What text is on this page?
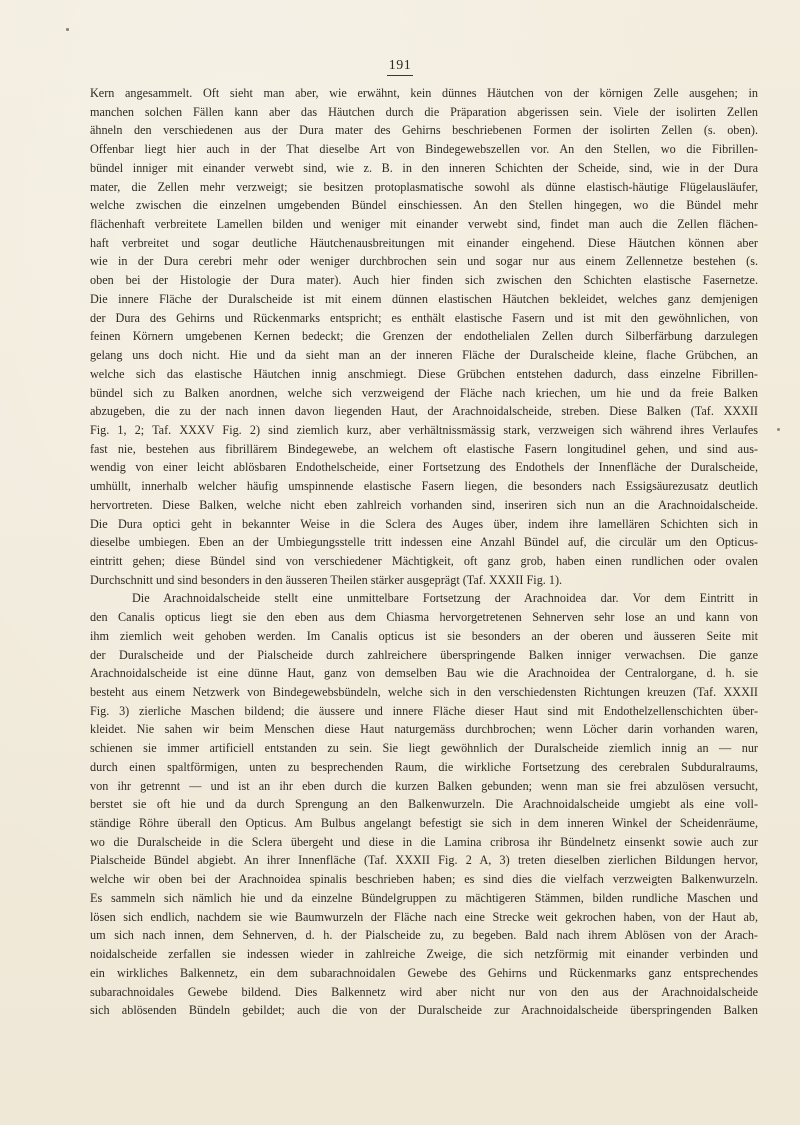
191
Kern angesammelt. Oft sieht man aber, wie erwähnt, kein dünnes Häutchen von der körnigen Zelle ausgehen; in
manchen solchen Fällen kann aber das Häutchen durch die Präparation abgerissen sein. Viele der isolirten Zellen
ähneln den verschiedenen aus der Dura mater des Gehirns beschriebenen Formen der isolirten Zellen (s. oben).
Offenbar liegt hier auch in der That dieselbe Art von Bindegewebszellen vor. An den Stellen, wo die Fibrillen-
bündel inniger mit einander verwebt sind, wie z. B. in den inneren Schichten der Scheide, sind, wie in der Dura
mater, die Zellen mehr verzweigt; sie besitzen protoplasmatische sowohl als dünne elastisch-häutige Flügelausläufer,
welche zwischen die einzelnen umgebenden Bündel einschiessen. An den Stellen hingegen, wo die Bündel mehr
flächenhaft verbreitete Lamellen bilden und weniger mit einander verwebt sind, findet man auch die Zellen flächen-
haft verbreitet und sogar deutliche Häutchenausbreitungen mit einander eingehend. Diese Häutchen können aber
wie in der Dura cerebri mehr oder weniger durchbrochen sein und sogar nur aus einem Zellennetze bestehen (s.
oben bei der Histologie der Dura mater). Auch hier finden sich zwischen den Schichten elastische Fasernetze.
Die innere Fläche der Duralscheide ist mit einem dünnen elastischen Häutchen bekleidet, welches ganz demjenigen
der Dura des Gehirns und Rückenmarks entspricht; es enthält elastische Fasern und ist mit den gewöhnlichen, von
feinen Körnern umgebenen Kernen bedeckt; die Grenzen der endothelialen Zellen durch Silberfärbung darzulegen
gelang uns doch nicht. Hie und da sieht man an der inneren Fläche der Duralscheide kleine, flache Grübchen, an
welche sich das elastische Häutchen innig anschmiegt. Diese Grübchen entstehen dadurch, dass einzelne Fibrillen-
bündel sich zu Balken anordnen, welche sich verzweigend der Fläche nach kriechen, um hie und da freie Balken
abzugeben, die zu der nach innen davon liegenden Haut, der Arachnoidalscheide, streben. Diese Balken (Taf. XXXII
Fig. 1, 2; Taf. XXXV Fig. 2) sind ziemlich kurz, aber verhältnissmässig stark, verzweigen sich während ihres Verlaufes
fast nie, bestehen aus fibrillärem Bindegewebe, an welchem oft elastische Fasern longitudinel gehen, und sind aus-
wendig von einer leicht ablösbaren Endothelscheide, einer Fortsetzung des Endothels der Innenfläche der Duralscheide,
umhüllt, innerhalb welcher häufig umspinnende elastische Fasern liegen, die besonders nach Essigsäurezusatz deutlich
hervortreten. Diese Balken, welche nicht eben zahlreich vorhanden sind, inseriren sich nun an die Arachnoidalscheide.
Die Dura optici geht in bekannter Weise in die Sclera des Auges über, indem ihre lamellären Schichten sich in
dieselbe umbiegen. Eben an der Umbiegungsstelle tritt indessen eine Anzahl Bündel auf, die circulär um den Opticus-
eintritt gehen; diese Bündel sind von verschiedener Mächtigkeit, oft ganz grob, haben einen rundlichen oder ovalen
Durchschnitt und sind besonders in den äusseren Theilen stärker ausgeprägt (Taf. XXXII Fig. 1).
Die Arachnoidalscheide stellt eine unmittelbare Fortsetzung der Arachnoidea dar. Vor dem Eintritt in
den Canalis opticus liegt sie den eben aus dem Chiasma hervorgetretenen Sehnerven sehr lose an und kann von
ihm ziemlich weit gehoben werden. Im Canalis opticus ist sie besonders an der oberen und äusseren Seite mit
der Duralscheide und der Pialscheide durch zahlreichere überspringende Balken inniger verwachsen. Die ganze
Arachnoidalscheide ist eine dünne Haut, ganz von demselben Bau wie die Arachnoidea der Centralorgane, d. h. sie
besteht aus einem Netzwerk von Bindegewebsbündeln, welche sich in den verschiedensten Richtungen kreuzen (Taf. XXXII
Fig. 3) zierliche Maschen bildend; die äussere und innere Fläche dieser Haut sind mit Endothelzellenschichten über-
kleidet. Nie sahen wir beim Menschen diese Haut naturgemäss durchbrochen; wenn Löcher darin vorhanden waren,
schienen sie immer artificiell entstanden zu sein. Sie liegt gewöhnlich der Duralscheide ziemlich innig an — nur
durch einen spaltförmigen, unten zu besprechenden Raum, die wirkliche Fortsetzung des cerebralen Subduralraums,
von ihr getrennt — und ist an ihr eben durch die kurzen Balken gebunden; wenn man sie frei abzulösen versucht,
berstet sie oft hie und da durch Sprengung an den Balkenwurzeln. Die Arachnoidalscheide umgiebt als eine voll-
ständige Röhre überall den Opticus. Am Bulbus angelangt befestigt sie sich in dem inneren Winkel der Scheidenräume,
wo die Duralscheide in die Sclera übergeht und diese in die Lamina cribrosa ihr Bündelnetz einsenkt sowie auch zur
Pialscheide Bündel abgiebt. An ihrer Innenfläche (Taf. XXXII Fig. 2 A, 3) treten dieselben zierlichen Bildungen hervor,
welche wir oben bei der Arachnoidea spinalis beschrieben haben; es sind dies die vielfach verzweigten Balkenwurzeln.
Es sammeln sich nämlich hie und da einzelne Bündelgruppen zu mächtigeren Stämmen, bilden rundliche Maschen und
lösen sich endlich, nachdem sie wie Baumwurzeln der Fläche nach eine Strecke weit gekrochen haben, von der Haut ab,
um sich nach innen, dem Sehnerven, d. h. der Pialscheide zu, zu begeben. Bald nach ihrem Ablösen von der Arach-
noidalscheide zerfallen sie indessen wieder in zahlreiche Zweige, die sich netzförmig mit einander verbinden und
ein wirkliches Balkennetz, ein dem subarachnoidalen Gewebe des Gehirns und Rückenmarks ganz entsprechendes
subarachnoidales Gewebe bildend. Dies Balkennetz wird aber nicht nur von den aus der Arachnoidalscheide
sich ablösenden Bündeln gebildet; auch die von der Duralscheide zur Arachnoidalscheide überspringenden Balken
